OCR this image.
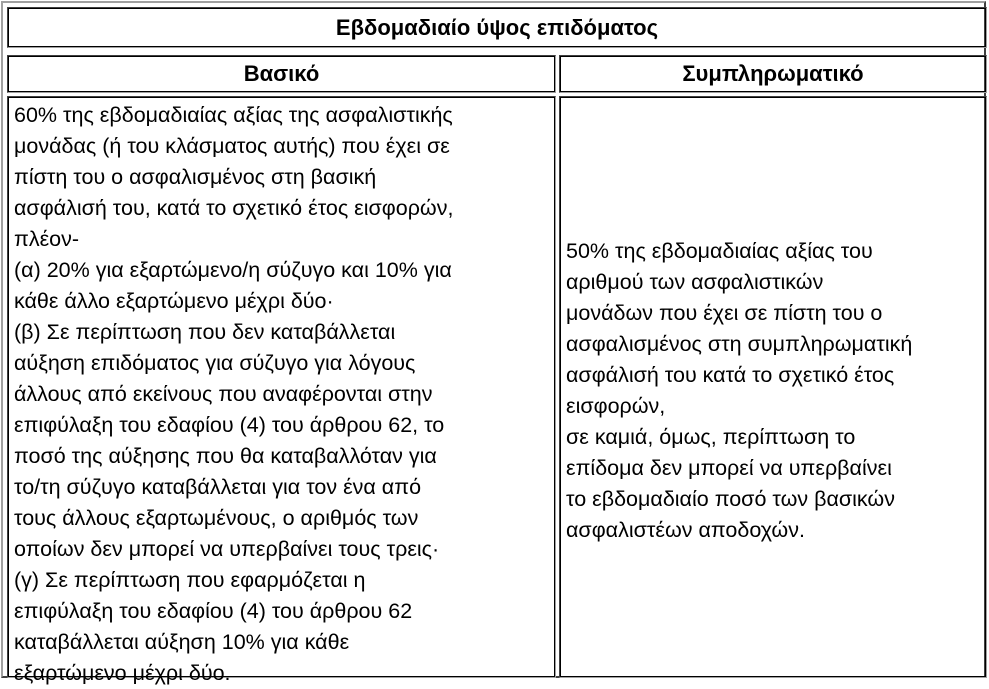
Εβδομαδιαίο ύψος επιδόματος
Βασικό	Συμπληρωματικό
60% της εβδομαδιαίας αξίας της ασφαλιστικής
μονάδας (ή του κλάσματος αυτής) που έχει σε
πίστη του ο ασφαλισμένος στη βασική
ασφάλισή του, κατά το σχετικό έτος εισφορών,
πλέον-
(α) 20% για εξαρτώμενο/η σύζυγο και 10% για
κάθε άλλο εξαρτώμενο μέχρι δύο·
(β) Σε περίπτωση που δεν καταβάλλεται
αύξηση επιδόματος για σύζυγο για λόγους
άλλους από εκείνους που αναφέρονται στην
επιφύλαξη του εδαφίου (4) του άρθρου 62, το
ποσό της αύξησης που θα καταβαλλόταν για
το/τη σύζυγο καταβάλλεται για τον ένα από
τους άλλους εξαρτωμένους, ο αριθμός των
οποίων δεν μπορεί να υπερβαίνει τους τρεις·
(γ) Σε περίπτωση που εφαρμόζεται η
επιφύλαξη του εδαφίου (4) του άρθρου 62
καταβάλλεται αύξηση 10% για κάθε
εξαρτώμενο μέχρι δύο.
50% της εβδομαδιαίας αξίας του
αριθμού των ασφαλιστικών
μονάδων που έχει σε πίστη του ο
ασφαλισμένος στη συμπληρωματική
ασφάλισή του κατά το σχετικό έτος
εισφορών,
σε καμιά, όμως, περίπτωση το
επίδομα δεν μπορεί να υπερβαίνει
το εβδομαδιαίο ποσό των βασικών
ασφαλιστέων αποδοχών.
